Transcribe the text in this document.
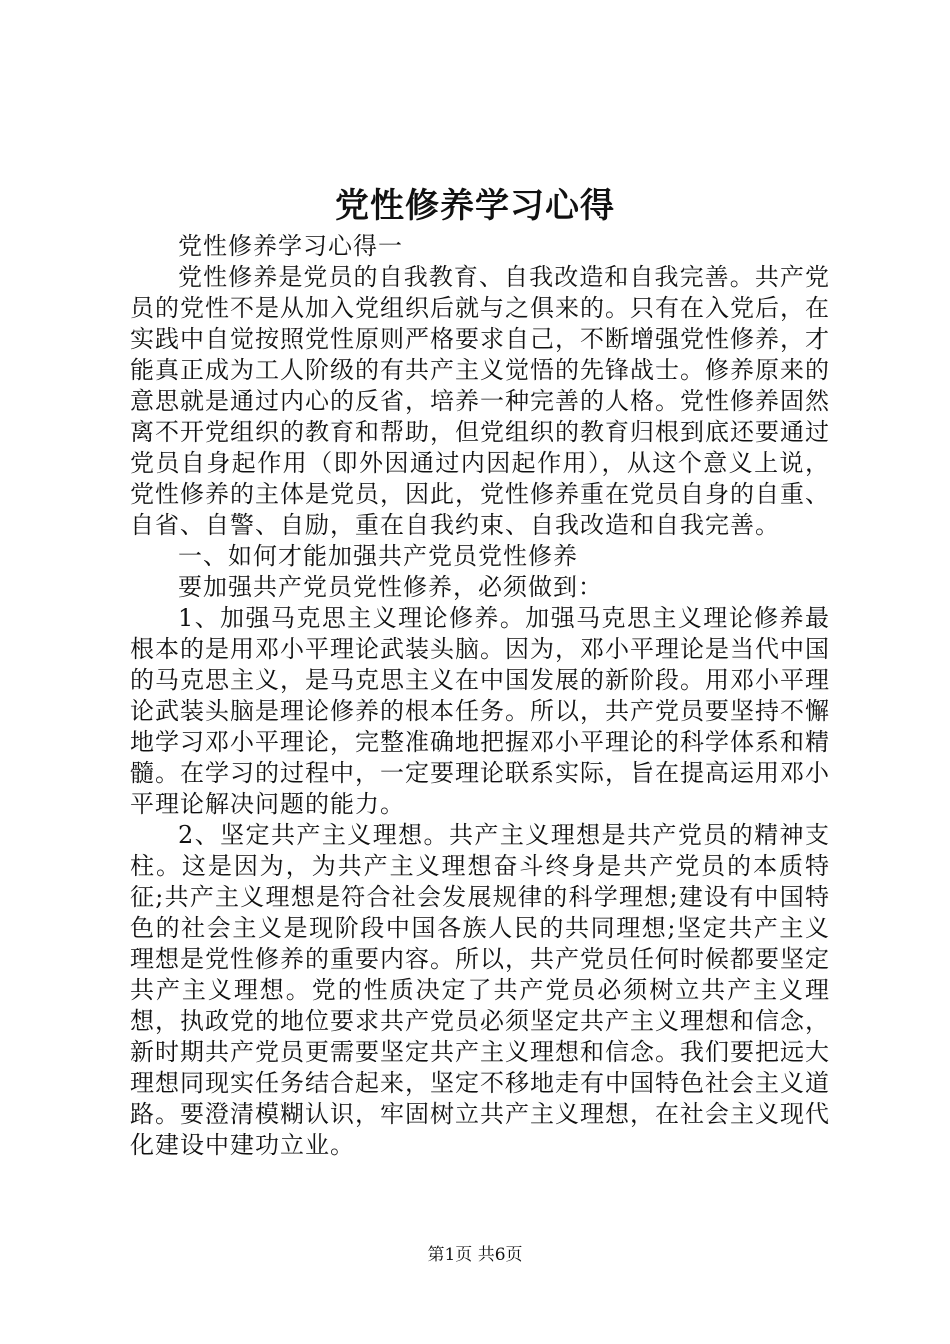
党性修养学习心得

党性修养学习心得一

党性修养是党员的自我教育、自我改造和自我完善。共产党员的党性不是从加入党组织后就与之俱来的。只有在入党后，在实践中自觉按照党性原则严格要求自己，不断增强党性修养，才能真正成为工人阶级的有共产主义觉悟的先锋战士。修养原来的意思就是通过内心的反省，培养一种完善的人格。党性修养固然离不开党组织的教育和帮助，但党组织的教育归根到底还要通过党员自身起作用（即外因通过内因起作用），从这个意义上说，党性修养的主体是党员，因此，党性修养重在党员自身的自重、自省、自警、自励，重在自我约束、自我改造和自我完善。

一、如何才能加强共产党员党性修养

要加强共产党员党性修养，必须做到：

1、加强马克思主义理论修养。加强马克思主义理论修养最根本的是用邓小平理论武装头脑。因为，邓小平理论是当代中国的马克思主义，是马克思主义在中国发展的新阶段。用邓小平理论武装头脑是理论修养的根本任务。所以，共产党员要坚持不懈地学习邓小平理论，完整准确地把握邓小平理论的科学体系和精髓。在学习的过程中，一定要理论联系实际，旨在提高运用邓小平理论解决问题的能力。

2、坚定共产主义理想。共产主义理想是共产党员的精神支柱。这是因为，为共产主义理想奋斗终身是共产党员的本质特征;共产主义理想是符合社会发展规律的科学理想;建设有中国特色的社会主义是现阶段中国各族人民的共同理想;坚定共产主义理想是党性修养的重要内容。所以，共产党员任何时候都要坚定共产主义理想。党的性质决定了共产党员必须树立共产主义理想，执政党的地位要求共产党员必须坚定共产主义理想和信念，新时期共产党员更需要坚定共产主义理想和信念。我们要把远大理想同现实任务结合起来，坚定不移地走有中国特色社会主义道路。要澄清模糊认识，牢固树立共产主义理想，在社会主义现代化建设中建功立业。

第1页 共6页
